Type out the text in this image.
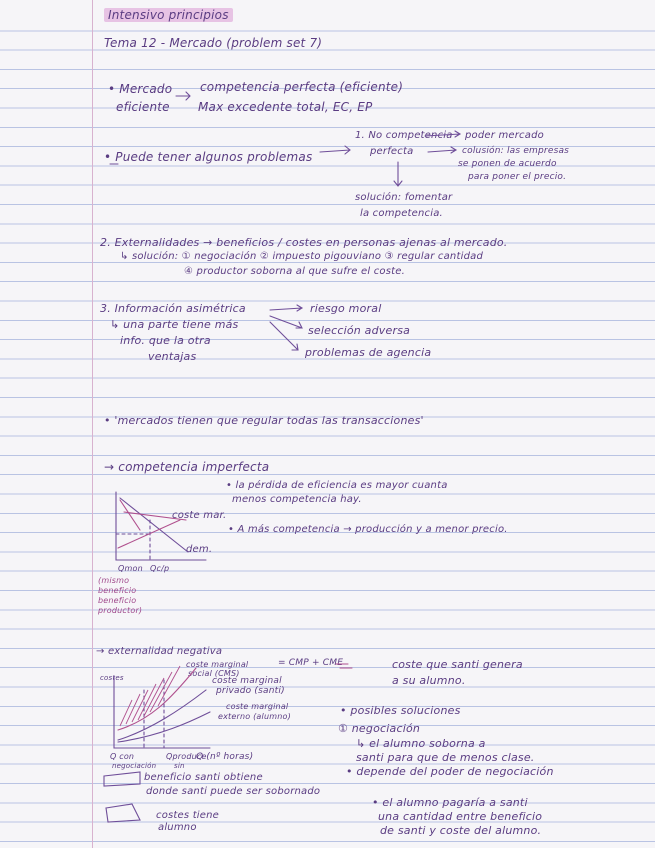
Intensivo principios
Tema 12 - Mercado (problem set 7)
• Mercado
eficiente
competencia perfecta (eficiente)
Max excedente total, EC, EP
• Puede tener algunos problemas
1. No competencia
perfecta
poder mercado
colusión: las empresas
se ponen de acuerdo
para poner el precio.
solución: fomentar
la competencia.
2. Externalidades → beneficios / costes en personas ajenas al mercado.
↳ solución: ① negociación ② impuesto pigouviano ③ regular cantidad
④ productor soborna al que sufre el coste.
3. Información asimétrica
↳ una parte tiene más
info. que la otra
ventajas
riesgo moral
selección adversa
problemas de agencia
• 'mercados tienen que regular todas las transacciones'
→ competencia imperfecta
• la pérdida de eficiencia es mayor cuanta
menos competencia hay.
• A más competencia → producción y a menor precio.
coste mar.
dem.
Qmon Qc/p
(mismo
beneficio
beneficio
productor)
→ externalidad negativa
coste marginal
social (CMS)
= CMP + CME
coste marginal
privado (santi)
coste marginal
externo (alumno)
costes
Q con
negociación
Qproduce
sin
Q (nº horas)
coste que santi genera
a su alumno.
• posibles soluciones
① negociación
↳ el alumno soborna a
santi para que de menos clase.
• depende del poder de negociación
beneficio santi obtiene
donde santi puede ser sobornado
costes tiene
alumno
• el alumno pagaría a santi
una cantidad entre beneficio
de santi y coste del alumno.
